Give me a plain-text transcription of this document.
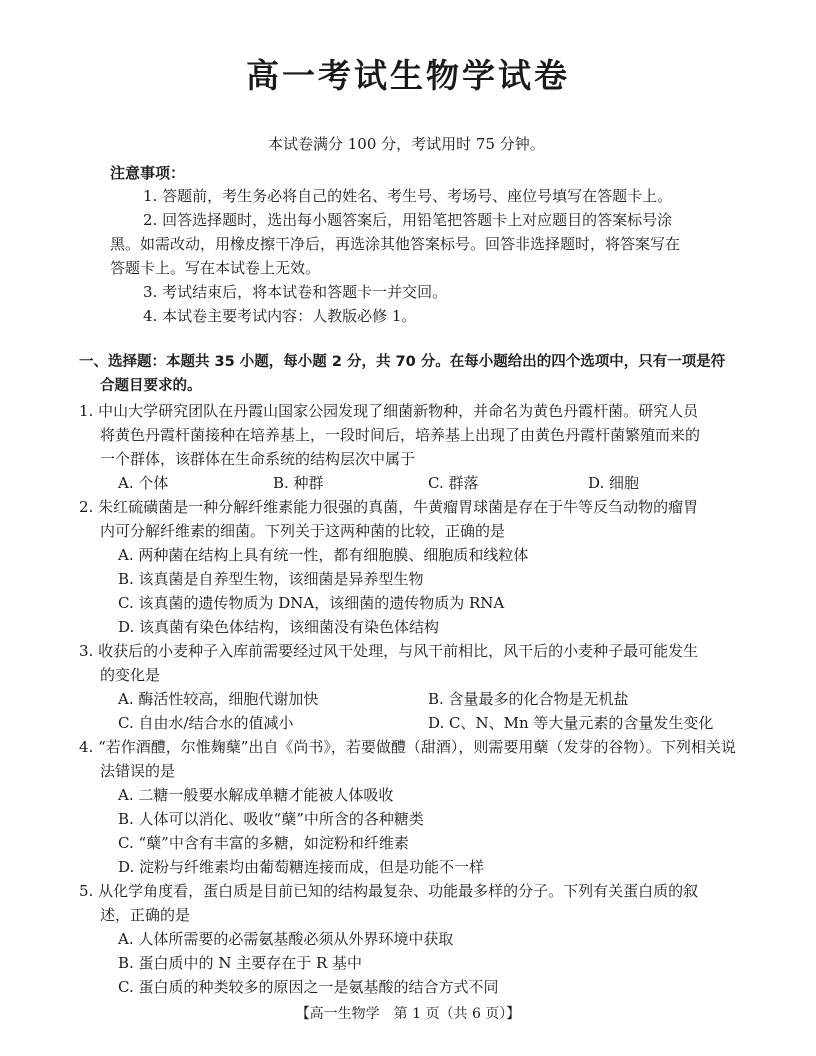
高一考试生物学试卷
本试卷满分 100 分，考试用时 75 分钟。
注意事项：
1. 答题前，考生务必将自己的姓名、考生号、考场号、座位号填写在答题卡上。
2. 回答选择题时，选出每小题答案后，用铅笔把答题卡上对应题目的答案标号涂
黑。如需改动，用橡皮擦干净后，再选涂其他答案标号。回答非选择题时，将答案写在
答题卡上。写在本试卷上无效。
3. 考试结束后，将本试卷和答题卡一并交回。
4. 本试卷主要考试内容：人教版必修 1。
一、选择题：本题共 35 小题，每小题 2 分，共 70 分。在每小题给出的四个选项中，只有一项是符
合题目要求的。
1. 中山大学研究团队在丹霞山国家公园发现了细菌新物种，并命名为黄色丹霞杆菌。研究人员
将黄色丹霞杆菌接种在培养基上，一段时间后，培养基上出现了由黄色丹霞杆菌繁殖而来的
一个群体，该群体在生命系统的结构层次中属于
A. 个体	B. 种群	C. 群落	D. 细胞
2. 朱红硫磺菌是一种分解纤维素能力很强的真菌，牛黄瘤胃球菌是存在于牛等反刍动物的瘤胃
内可分解纤维素的细菌。下列关于这两种菌的比较，正确的是
A. 两种菌在结构上具有统一性，都有细胞膜、细胞质和线粒体
B. 该真菌是自养型生物，该细菌是异养型生物
C. 该真菌的遗传物质为 DNA，该细菌的遗传物质为 RNA
D. 该真菌有染色体结构，该细菌没有染色体结构
3. 收获后的小麦种子入库前需要经过风干处理，与风干前相比，风干后的小麦种子最可能发生
的变化是
A. 酶活性较高，细胞代谢加快	B. 含量最多的化合物是无机盐
C. 自由水/结合水的值减小	D. C、N、Mn 等大量元素的含量发生变化
4. “若作酒醴，尔惟麹蘖”出自《尚书》，若要做醴（甜酒），则需要用蘖（发芽的谷物）。下列相关说
法错误的是
A. 二糖一般要水解成单糖才能被人体吸收
B. 人体可以消化、吸收“蘖”中所含的各种糖类
C. “蘖”中含有丰富的多糖，如淀粉和纤维素
D. 淀粉与纤维素均由葡萄糖连接而成，但是功能不一样
5. 从化学角度看，蛋白质是目前已知的结构最复杂、功能最多样的分子。下列有关蛋白质的叙
述，正确的是
A. 人体所需要的必需氨基酸必须从外界环境中获取
B. 蛋白质中的 N 主要存在于 R 基中
C. 蛋白质的种类较多的原因之一是氨基酸的结合方式不同
【高一生物学　第 1 页（共 6 页）】
